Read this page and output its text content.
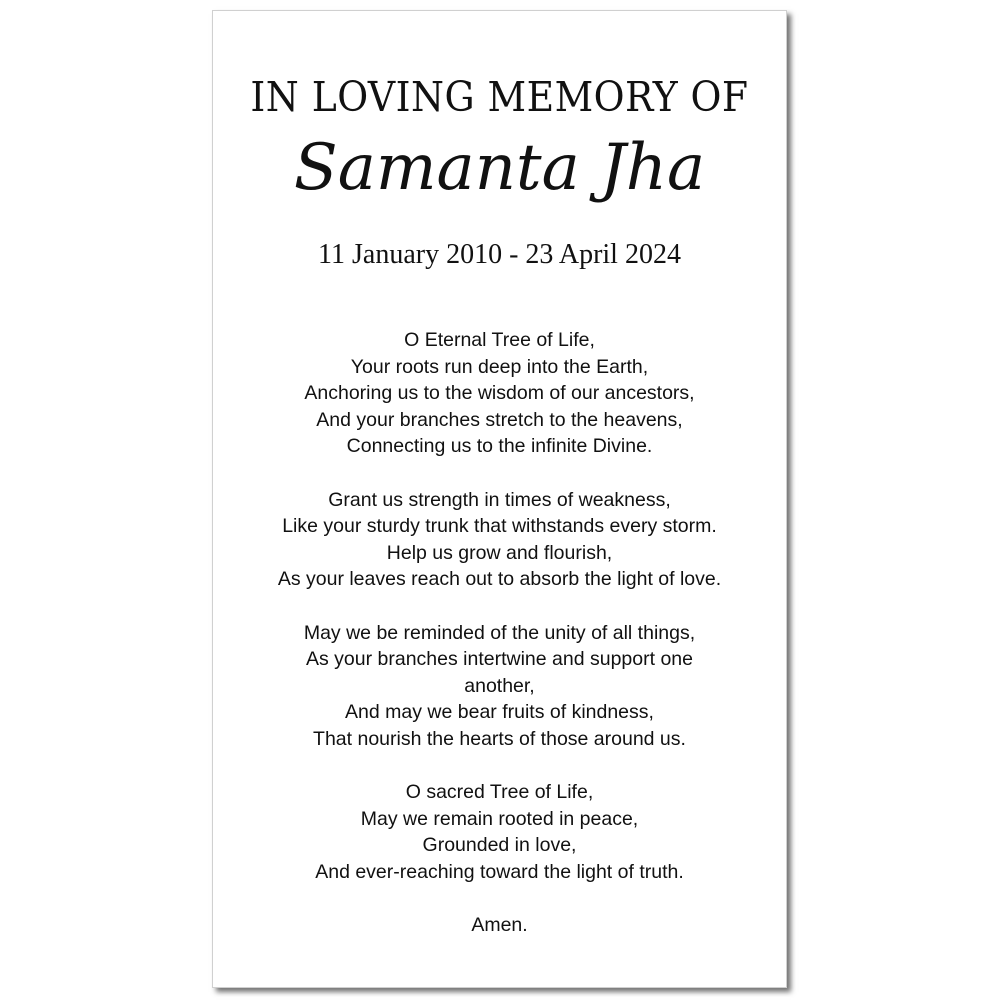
IN LOVING MEMORY OF
Samanta Jha
11 January 2010 - 23 April 2024
O Eternal Tree of Life,
Your roots run deep into the Earth,
Anchoring us to the wisdom of our ancestors,
And your branches stretch to the heavens,
Connecting us to the infinite Divine.
Grant us strength in times of weakness,
Like your sturdy trunk that withstands every storm.
Help us grow and flourish,
As your leaves reach out to absorb the light of love.
May we be reminded of the unity of all things,
As your branches intertwine and support one
another,
And may we bear fruits of kindness,
That nourish the hearts of those around us.
O sacred Tree of Life,
May we remain rooted in peace,
Grounded in love,
And ever-reaching toward the light of truth.
Amen.
